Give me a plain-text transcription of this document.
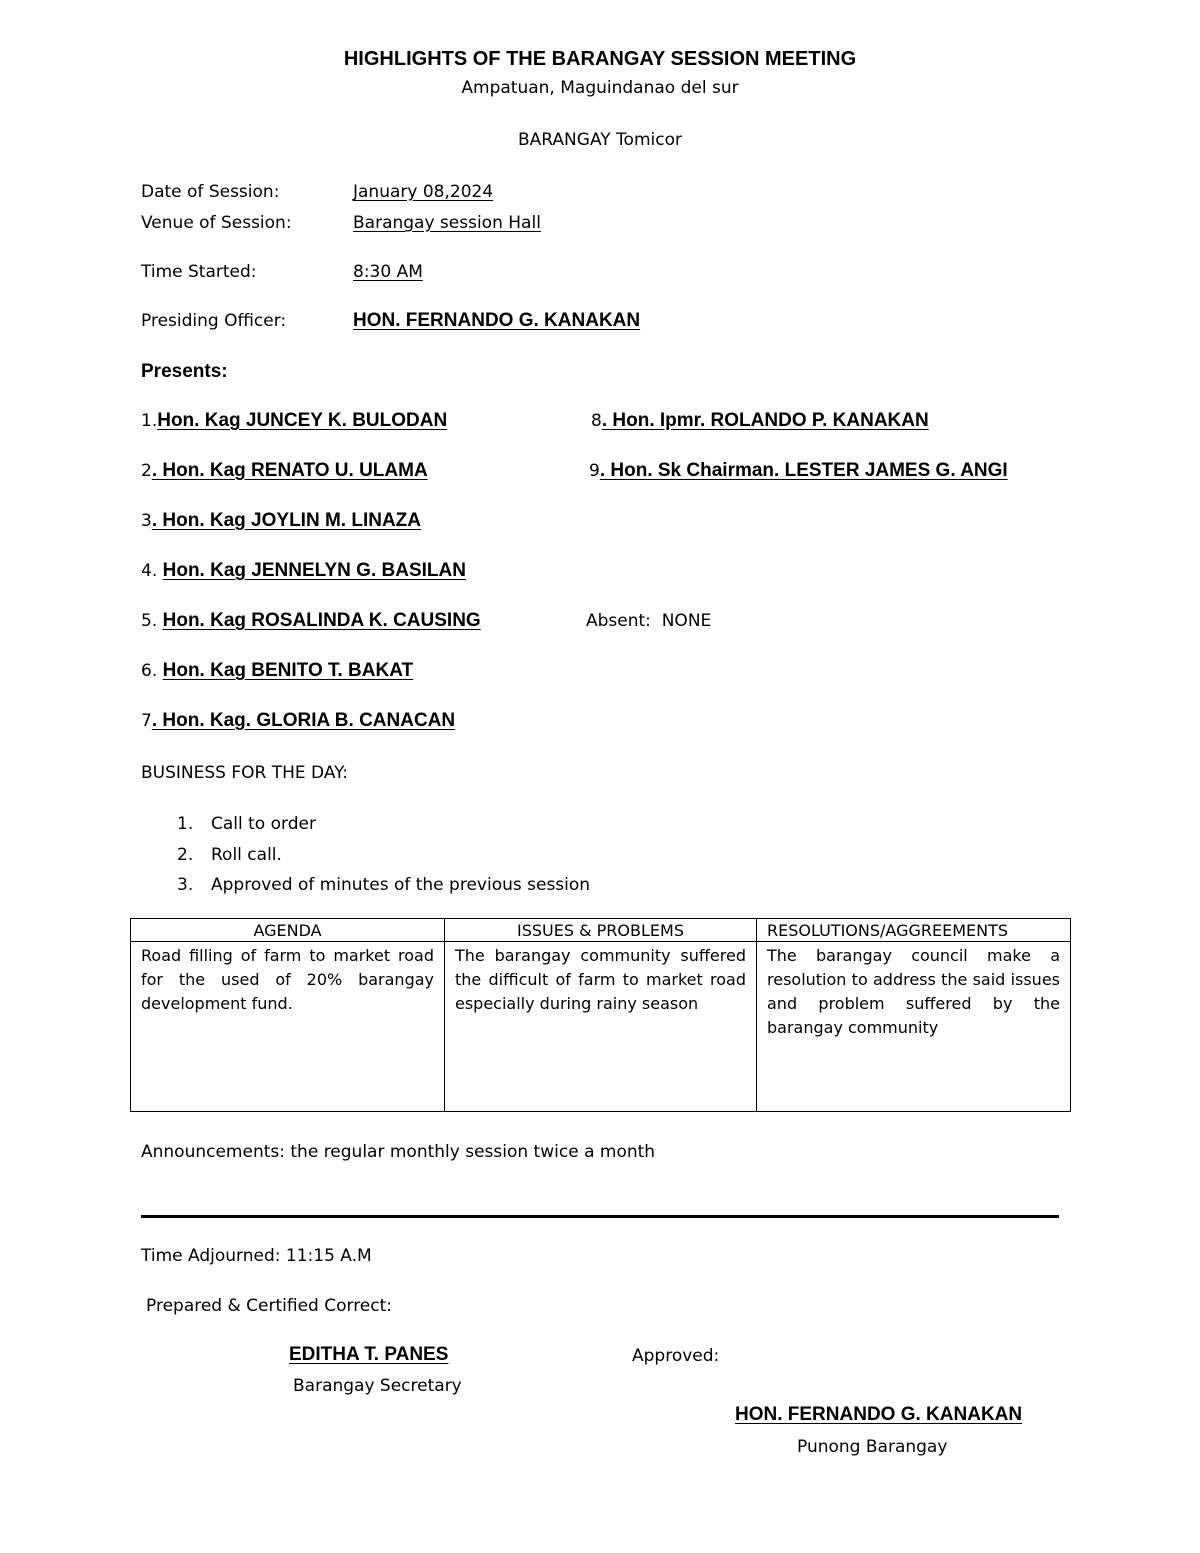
HIGHLIGHTS OF THE BARANGAY SESSION MEETING
Ampatuan, Maguindanao del sur
BARANGAY Tomicor
Date of Session:	January 08,2024
Venue of Session:	Barangay session Hall
Time Started:	8:30 AM
Presiding Officer:	HON. FERNANDO G. KANAKAN
Presents:
1.Hon. Kag JUNCEY K. BULODAN
2. Hon. Kag RENATO U. ULAMA
3. Hon. Kag JOYLIN M. LINAZA
4. Hon. Kag JENNELYN G. BASILAN
5. Hon. Kag ROSALINDA K. CAUSING
6. Hon. Kag BENITO T. BAKAT
7. Hon. Kag. GLORIA B. CANACAN
8. Hon. Ipmr. ROLANDO P. KANAKAN
9. Hon. Sk Chairman. LESTER JAMES G. ANGI
Absent: NONE
BUSINESS FOR THE DAY:
1. Call to order
2. Roll call.
3. Approved of minutes of the previous session
AGENDA	ISSUES & PROBLEMS	RESOLUTIONS/AGGREEMENTS
Road filling of farm to market road for the used of 20% barangay development fund.	The barangay community suffered the difficult of farm to market road especially during rainy season	The barangay council make a resolution to address the said issues and problem suffered by the barangay community
Announcements: the regular monthly session twice a month
Time Adjourned: 11:15 A.M
Prepared & Certified Correct:
EDITHA T. PANES
Barangay Secretary
Approved:
HON. FERNANDO G. KANAKAN
Punong Barangay
